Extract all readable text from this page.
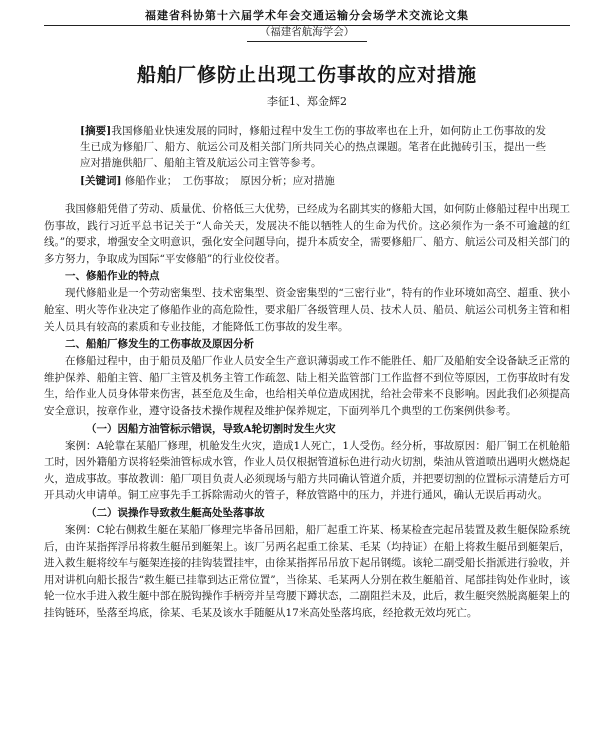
福建省科协第十六届学术年会交通运输分会场学术交流论文集
（福建省航海学会）
船舶厂修防止出现工伤事故的应对措施
李征1、郑金辉2
[摘要]我国修船业快速发展的同时，修船过程中发生工伤的事故率也在上升，如何防止工伤事故的发生已成为修船厂、船方、航运公司及相关部门所共同关心的热点课题。笔者在此抛砖引玉，提出一些应对措施供船厂、船舶主管及航运公司主管等参考。
[关键词] 修船作业；　工伤事故；　原因分析；应对措施

我国修船凭借了劳动、质量优、价格低三大优势，已经成为名副其实的修船大国，如何防止修船过程中出现工伤事故，践行习近平总书记关于“人命关天，发展决不能以牺牲人的生命为代价。这必须作为一条不可逾越的红线。”的要求，增强安全文明意识，强化安全问题导向，提升本质安全，需要修船厂、船方、航运公司及相关部门的多方努力，争取成为国际“平安修船”的行业佼佼者。

一、修船作业的特点

现代修船业是一个劳动密集型、技术密集型、资金密集型的“三密行业”，特有的作业环境如高空、超重、狭小舱室、明火等作业决定了修船作业的高危险性，要求船厂各级管理人员、技术人员、船员、航运公司机务主管和相关人员具有较高的素质和专业技能，才能降低工伤事故的发生率。

二、船舶厂修发生的工伤事故及原因分析

在修船过程中，由于船员及船厂作业人员安全生产意识薄弱或工作不能胜任、船厂及船舶安全设备缺乏正常的维护保养、船舶主管、船厂主管及机务主管工作疏忽、陆上相关监管部门工作监督不到位等原因，工伤事故时有发生，给作业人员身体带来伤害，甚至危及生命，也给相关单位造成困扰，给社会带来不良影响。因此我们必须提高安全意识，按章作业，遵守设备技术操作规程及维护保养规定，下面列举几个典型的工伤案例供参考。

（一）因船方油管标示错误，导致A轮切割时发生火灾

案例：A轮靠在某船厂修理，机舱发生火灾，造成1人死亡，1人受伤。经分析，事故原因：船厂铜工在机舱船工时，因外籍船方误将轻柴油管标成水管，作业人员仅根据管道标色进行动火切割，柴油从管道喷出遇明火燃烧起火，造成事故。事故教训：船厂项目负责人必须现场与船方共同确认管道介质，并把要切割的位置标示清楚后方可开具动火申请单。铜工应事先手工拆除需动火的管子，释放管路中的压力，并进行通风，确认无误后再动火。

（二）误操作导致救生艇高处坠落事故

案例：C轮右侧救生艇在某船厂修理完毕备吊回船，船厂起重工许某、杨某检查完起吊装置及救生艇保险系统后，由许某指挥浮吊将救生艇吊到艇架上。该厂另两名起重工徐某、毛某（均持证）在船上将救生艇吊到艇架后，进入救生艇将绞车与艇架连接的挂钩装置挂牢，由徐某指挥吊吊放下起吊钢缆。该轮二副受船长指派进行验收，并用对讲机向船长报告“救生艇已挂靠到达正常位置”，当徐某、毛某两人分别在救生艇船首、尾部挂钩处作业时，该轮一位水手进入救生艇中部在脱钩操作手柄旁并呈弯腰下蹲状态，二副阻拦未及，此后，救生艇突然脱离艇架上的挂钩链环，坠落至坞底，徐某、毛某及该水手随艇从17米高处坠落坞底，经抢救无效均死亡。
